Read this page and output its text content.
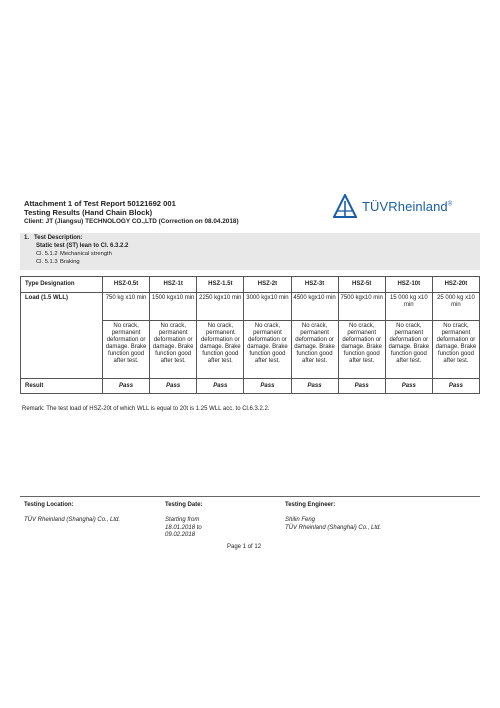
Attachment 1 of Test Report 50121692 001
Testing Results (Hand Chain Block)
Client: JT (Jiangsu) TECHNOLOGY CO.,LTD (Correction on 08.04.2018)
TÜVRheinland®
1. Test Description:
Static test (ST) lean to Cl. 6.3.2.2
Cl. 5.1.2 Mechanical strength
Cl. 5.1.3 Braking
Type Designation	HSZ-0.5t	HSZ-1t	HSZ-1.5t	HSZ-2t	HSZ-3t	HSZ-5t	HSZ-10t	HSZ-20t
Load (1.5 WLL)	750 kg x10 min	1500 kgx10 min	2250 kgx10 min	3000 kgx10 min	4500 kgx10 min	7500 kgx10 min	15 000 kg x10 min	25 000 kg x10 min
	No crack, permanent deformation or damage. Brake function good after test.	No crack, permanent deformation or damage. Brake function good after test.	No crack, permanent deformation or damage. Brake function good after test.	No crack, permanent deformation or damage. Brake function good after test.	No crack, permanent deformation or damage. Brake function good after test.	No crack, permanent deformation or damage. Brake function good after test.	No crack, permanent deformation or damage. Brake function good after test.	No crack, permanent deformation or damage. Brake function good after test.
Result	Pass	Pass	Pass	Pass	Pass	Pass	Pass	Pass
Remark: The test load of HSZ-20t of which WLL is equal to 20t is 1.25 WLL acc. to Cl.6.3.2.2.
Testing Location:
TÜV Rheinland (Shanghai) Co., Ltd.
Testing Date:
Starting from
18.01.2018 to
09.02.2018
Testing Engineer:
Shilin Feng
TÜV Rheinland (Shanghai) Co., Ltd.
Page 1 of 12
